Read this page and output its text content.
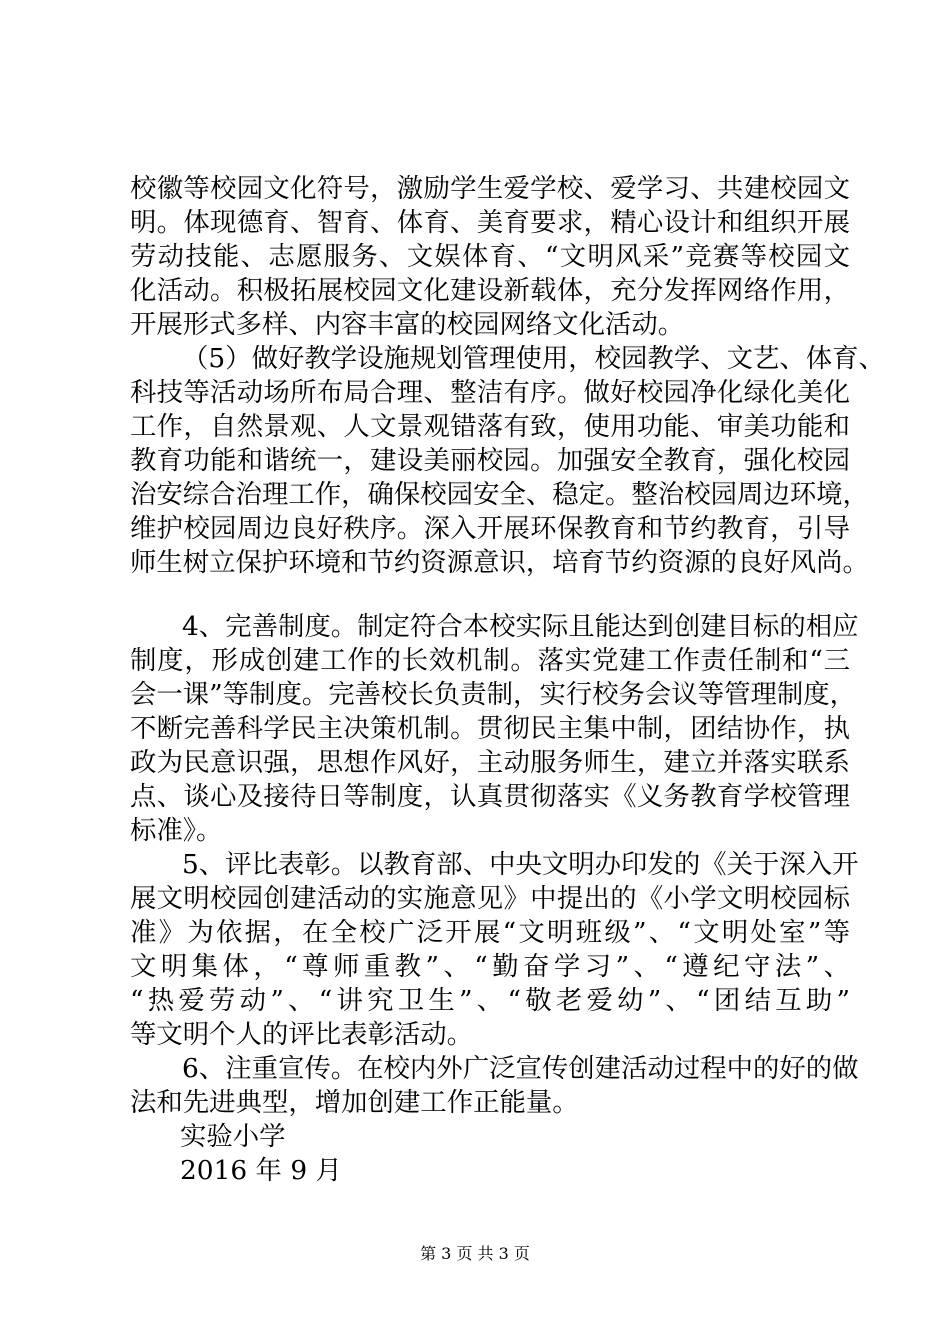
校徽等校园文化符号，激励学生爱学校、爱学习、共建校园文
明。体现德育、智育、体育、美育要求，精心设计和组织开展
劳动技能、志愿服务、文娱体育、“文明风采”竞赛等校园文
化活动。积极拓展校园文化建设新载体，充分发挥网络作用，
开展形式多样、内容丰富的校园网络文化活动。
（5）做好教学设施规划管理使用，校园教学、文艺、体育、
科技等活动场所布局合理、整洁有序。做好校园净化绿化美化
工作，自然景观、人文景观错落有致，使用功能、审美功能和
教育功能和谐统一，建设美丽校园。加强安全教育，强化校园
治安综合治理工作，确保校园安全、稳定。整治校园周边环境，
维护校园周边良好秩序。深入开展环保教育和节约教育，引导
师生树立保护环境和节约资源意识，培育节约资源的良好风尚。
4、完善制度。制定符合本校实际且能达到创建目标的相应
制度，形成创建工作的长效机制。落实党建工作责任制和“三
会一课”等制度。完善校长负责制，实行校务会议等管理制度，
不断完善科学民主决策机制。贯彻民主集中制，团结协作，执
政为民意识强，思想作风好，主动服务师生，建立并落实联系
点、谈心及接待日等制度，认真贯彻落实《义务教育学校管理
标准》。
5、评比表彰。以教育部、中央文明办印发的《关于深入开
展文明校园创建活动的实施意见》中提出的《小学文明校园标
准》为依据，在全校广泛开展“文明班级”、“文明处室”等
文明集体，“尊师重教”、“勤奋学习”、“遵纪守法”、
“热爱劳动”、“讲究卫生”、“敬老爱幼”、“团结互助”
等文明个人的评比表彰活动。
6、注重宣传。在校内外广泛宣传创建活动过程中的好的做
法和先进典型，增加创建工作正能量。
实验小学
2016 年 9 月
第 3 页 共 3 页
